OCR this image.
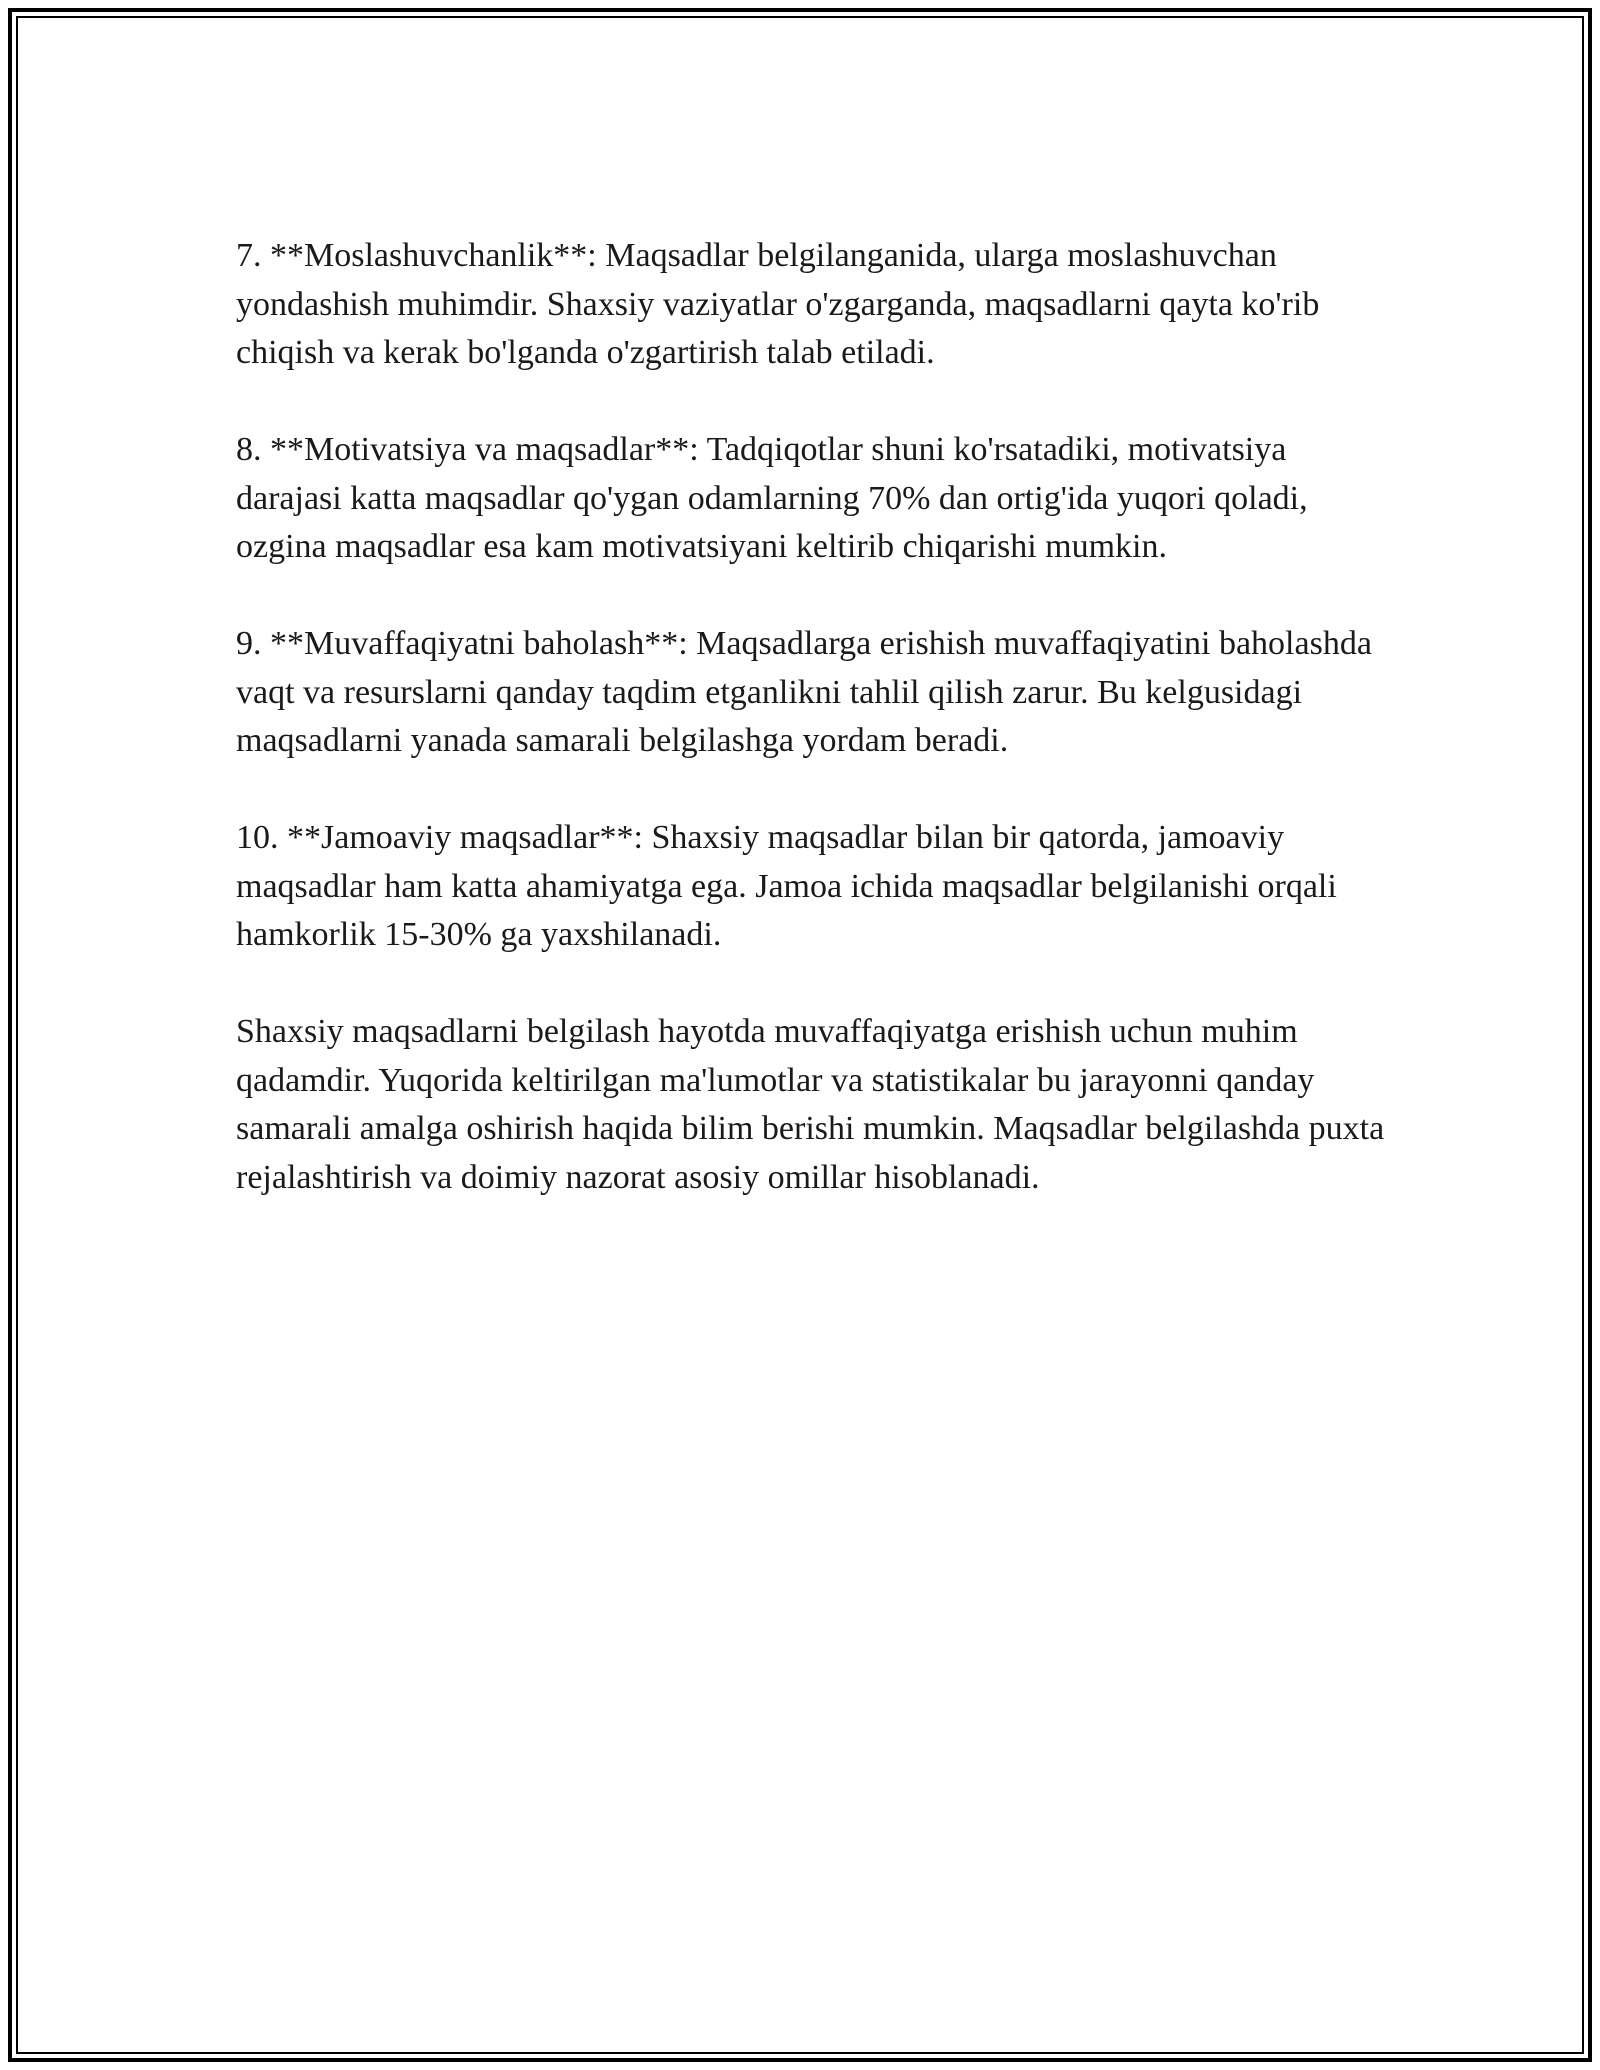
7. **Moslashuvchanlik**: Maqsadlar belgilanganida, ularga moslashuvchan yondashish muhimdir. Shaxsiy vaziyatlar o'zgarganda, maqsadlarni qayta ko'rib chiqish va kerak bo'lganda o'zgartirish talab etiladi.

8. **Motivatsiya va maqsadlar**: Tadqiqotlar shuni ko'rsatadiki, motivatsiya darajasi katta maqsadlar qo'ygan odamlarning 70% dan ortig'ida yuqori qoladi, ozgina maqsadlar esa kam motivatsiyani keltirib chiqarishi mumkin.

9. **Muvaffaqiyatni baholash**: Maqsadlarga erishish muvaffaqiyatini baholashda vaqt va resurslarni qanday taqdim etganlikni tahlil qilish zarur. Bu kelgusidagi maqsadlarni yanada samarali belgilashga yordam beradi.

10. **Jamoaviy maqsadlar**: Shaxsiy maqsadlar bilan bir qatorda, jamoaviy maqsadlar ham katta ahamiyatga ega. Jamoa ichida maqsadlar belgilanishi orqali hamkorlik 15-30% ga yaxshilanadi.

Shaxsiy maqsadlarni belgilash hayotda muvaffaqiyatga erishish uchun muhim qadamdir. Yuqorida keltirilgan ma'lumotlar va statistikalar bu jarayonni qanday samarali amalga oshirish haqida bilim berishi mumkin. Maqsadlar belgilashda puxta rejalashtirish va doimiy nazorat asosiy omillar hisoblanadi.
